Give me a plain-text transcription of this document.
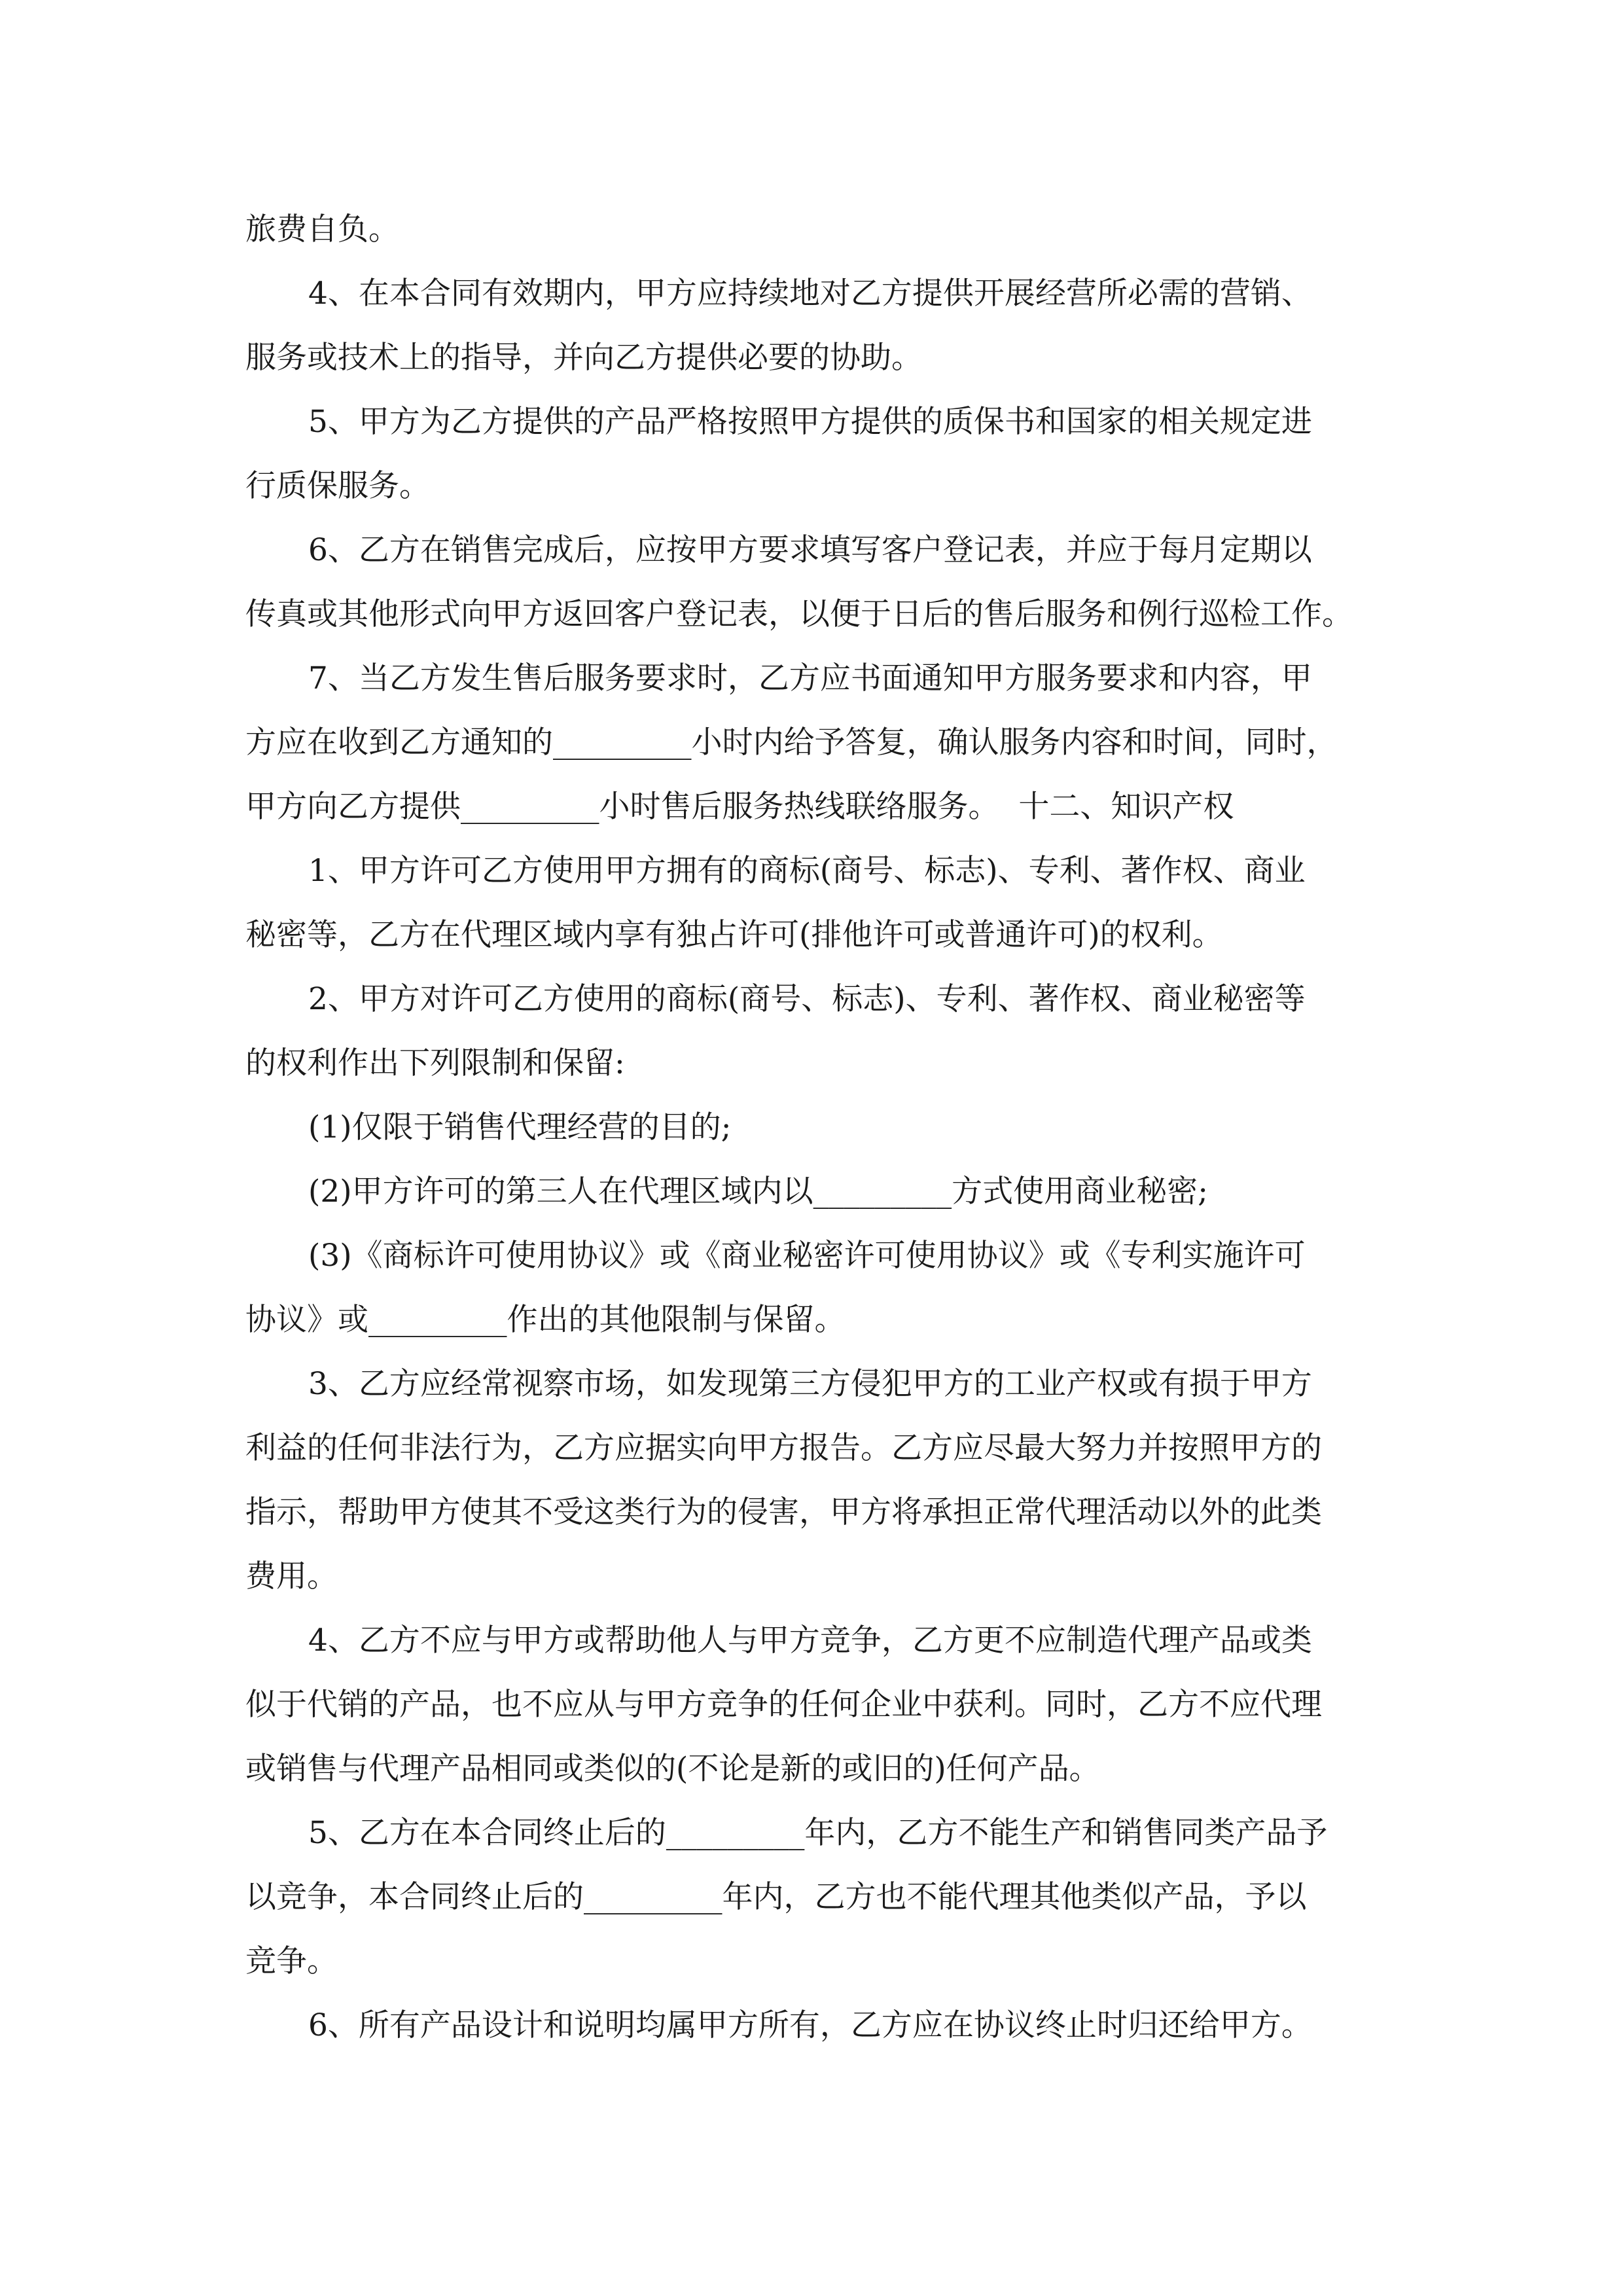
旅费自负。
4、在本合同有效期内，甲方应持续地对乙方提供开展经营所必需的营销、
服务或技术上的指导，并向乙方提供必要的协助。
5、甲方为乙方提供的产品严格按照甲方提供的质保书和国家的相关规定进
行质保服务。
6、乙方在销售完成后，应按甲方要求填写客户登记表，并应于每月定期以
传真或其他形式向甲方返回客户登记表，以便于日后的售后服务和例行巡检工作。
7、当乙方发生售后服务要求时，乙方应书面通知甲方服务要求和内容，甲
方应在收到乙方通知的_________小时内给予答复，确认服务内容和时间，同时，
甲方向乙方提供_________小时售后服务热线联络服务。  十二、知识产权
1、甲方许可乙方使用甲方拥有的商标(商号、标志)、专利、著作权、商业
秘密等，乙方在代理区域内享有独占许可(排他许可或普通许可)的权利。
2、甲方对许可乙方使用的商标(商号、标志)、专利、著作权、商业秘密等
的权利作出下列限制和保留:
(1)仅限于销售代理经营的目的;
(2)甲方许可的第三人在代理区域内以_________方式使用商业秘密;
(3)《商标许可使用协议》或《商业秘密许可使用协议》或《专利实施许可
协议》或_________作出的其他限制与保留。
3、乙方应经常视察市场，如发现第三方侵犯甲方的工业产权或有损于甲方
利益的任何非法行为，乙方应据实向甲方报告。乙方应尽最大努力并按照甲方的
指示，帮助甲方使其不受这类行为的侵害，甲方将承担正常代理活动以外的此类
费用。
4、乙方不应与甲方或帮助他人与甲方竞争，乙方更不应制造代理产品或类
似于代销的产品，也不应从与甲方竞争的任何企业中获利。同时，乙方不应代理
或销售与代理产品相同或类似的(不论是新的或旧的)任何产品。
5、乙方在本合同终止后的_________年内，乙方不能生产和销售同类产品予
以竞争，本合同终止后的_________年内，乙方也不能代理其他类似产品，予以
竞争。
6、所有产品设计和说明均属甲方所有，乙方应在协议终止时归还给甲方。
